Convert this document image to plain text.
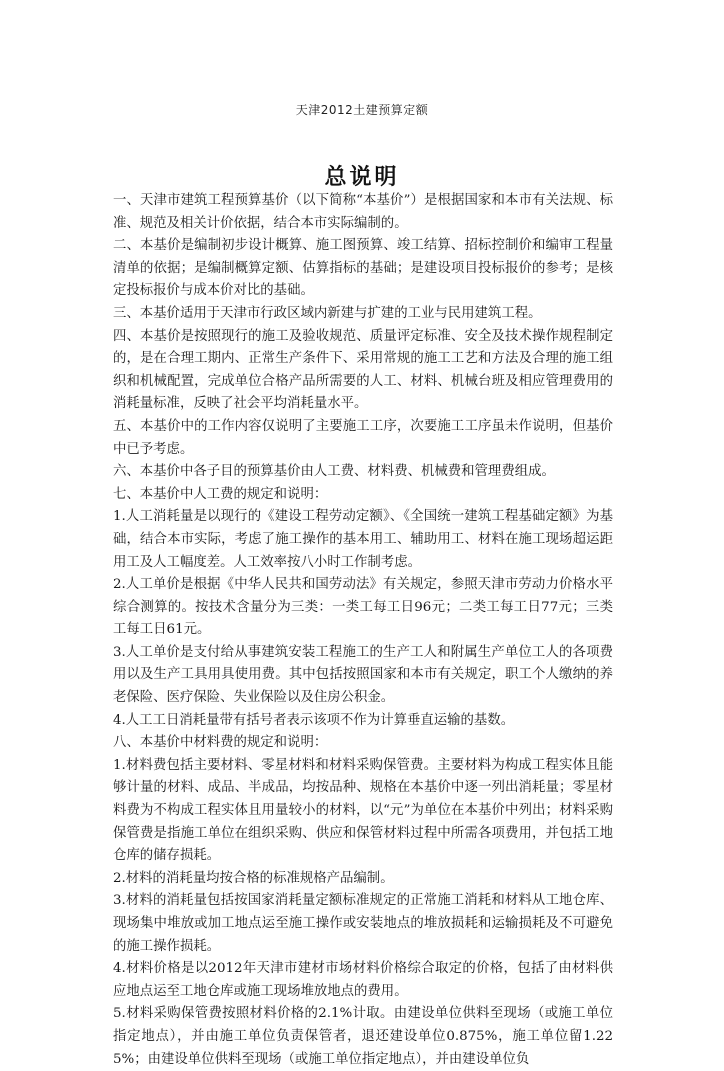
天津2012土建预算定额
总说明

一、天津市建筑工程预算基价（以下简称“本基价”）是根据国家和本市有关法规、标准、规范及相关计价依据，结合本市实际编制的。

二、本基价是编制初步设计概算、施工图预算、竣工结算、招标控制价和编审工程量清单的依据；是编制概算定额、估算指标的基础；是建设项目投标报价的参考；是核定投标报价与成本价对比的基础。

三、本基价适用于天津市行政区域内新建与扩建的工业与民用建筑工程。

四、本基价是按照现行的施工及验收规范、质量评定标准、安全及技术操作规程制定的，是在合理工期内、正常生产条件下、采用常规的施工工艺和方法及合理的施工组织和机械配置，完成单位合格产品所需要的人工、材料、机械台班及相应管理费用的消耗量标准，反映了社会平均消耗量水平。

五、本基价中的工作内容仅说明了主要施工工序，次要施工工序虽未作说明，但基价中已予考虑。

六、本基价中各子目的预算基价由人工费、材料费、机械费和管理费组成。

七、本基价中人工费的规定和说明：

1.人工消耗量是以现行的《建设工程劳动定额》、《全国统一建筑工程基础定额》为基础，结合本市实际，考虑了施工操作的基本用工、辅助用工、材料在施工现场超运距用工及人工幅度差。人工效率按八小时工作制考虑。

2.人工单价是根据《中华人民共和国劳动法》有关规定，参照天津市劳动力价格水平综合测算的。按技术含量分为三类：一类工每工日96元；二类工每工日77元；三类工每工日61元。

3.人工单价是支付给从事建筑安装工程施工的生产工人和附属生产单位工人的各项费用以及生产工具用具使用费。其中包括按照国家和本市有关规定，职工个人缴纳的养老保险、医疗保险、失业保险以及住房公积金。

4.人工工日消耗量带有括号者表示该项不作为计算垂直运输的基数。

八、本基价中材料费的规定和说明：

1.材料费包括主要材料、零星材料和材料采购保管费。主要材料为构成工程实体且能够计量的材料、成品、半成品，均按品种、规格在本基价中逐一列出消耗量；零星材料费为不构成工程实体且用量较小的材料，以“元”为单位在本基价中列出；材料采购保管费是指施工单位在组织采购、供应和保管材料过程中所需各项费用，并包括工地仓库的储存损耗。

2.材料的消耗量均按合格的标准规格产品编制。

3.材料的消耗量包括按国家消耗量定额标准规定的正常施工消耗和材料从工地仓库、现场集中堆放或加工地点运至施工操作或安装地点的堆放损耗和运输损耗及不可避免的施工操作损耗。

4.材料价格是以2012年天津市建材市场材料价格综合取定的价格，包括了由材料供应地点运至工地仓库或施工现场堆放地点的费用。

5.材料采购保管费按照材料价格的2.1%计取。由建设单位供料至现场（或施工单位指定地点），并由施工单位负责保管者，退还建设单位0.875%，施工单位留1.225%；由建设单位供料至现场（或施工单位指定地点），并由建设单位负
